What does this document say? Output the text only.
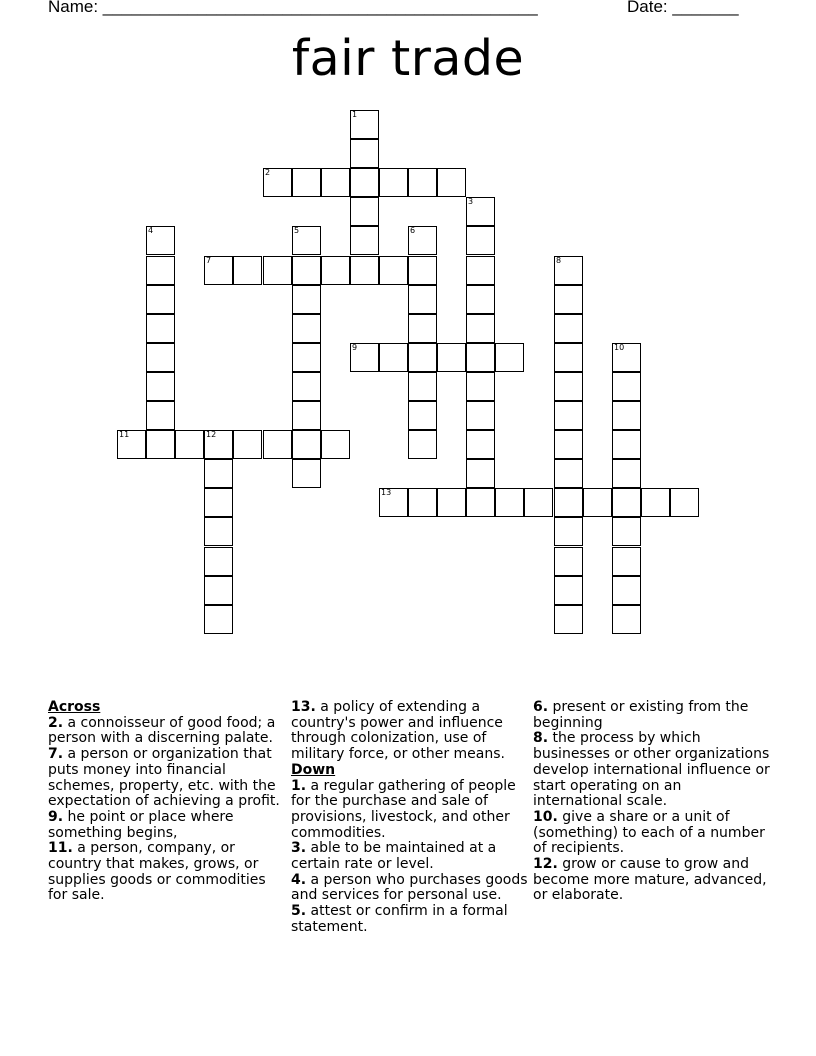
Name: ______________________________________________	Date: _______
fair trade
1
2
3
4	5	6
7	8
9	10
11	12
13
Across

2. a connoisseur of good food; a person with a discerning palate.

7. a person or organization that puts money into financial schemes, property, etc. with the expectation of achieving a profit.

9. he point or place where something begins,

11. a person, company, or country that makes, grows, or supplies goods or commodities for sale.

13. a policy of extending a country's power and influence through colonization, use of military force, or other means.

Down

1. a regular gathering of people for the purchase and sale of provisions, livestock, and other commodities.

3. able to be maintained at a certain rate or level.

4. a person who purchases goods and services for personal use.

5. attest or confirm in a formal statement.

6. present or existing from the beginning

8. the process by which businesses or other organizations develop international influence or start operating on an international scale.

10. give a share or a unit of (something) to each of a number of recipients.

12. grow or cause to grow and become more mature, advanced, or elaborate.
